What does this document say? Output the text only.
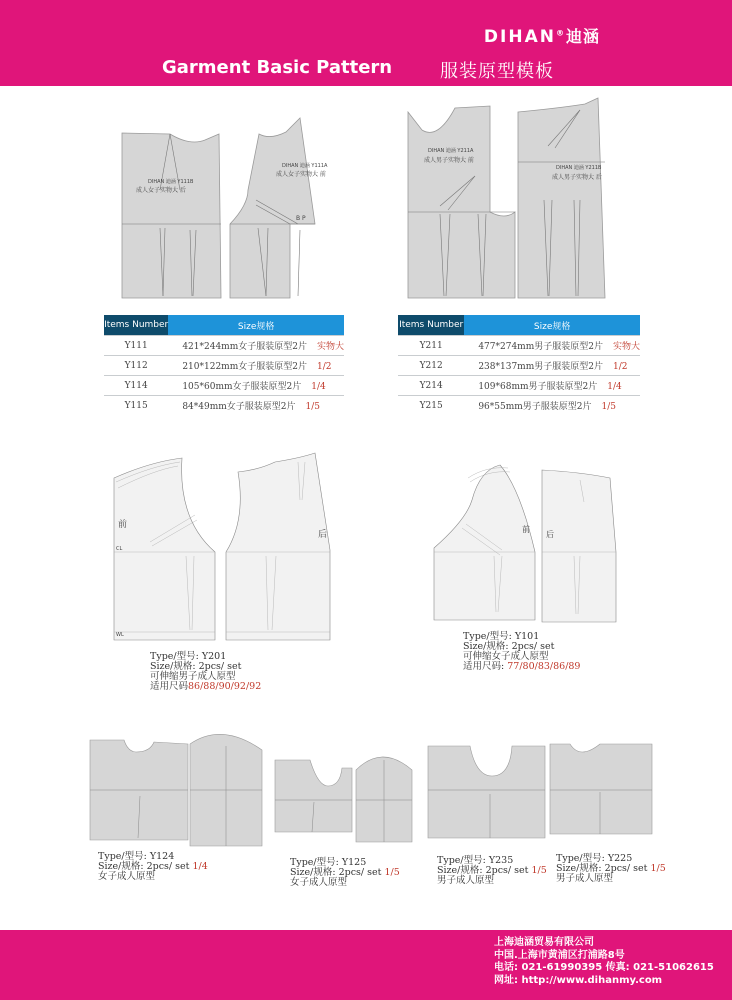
DIHAN® 迪涵
Garment Basic Pattern	服装原型模板
DIHAN 迪涵 Y111B
成人女子实物大 后
DIHAN 迪涵 Y111A
成人女子实物大 前
B P
DIHAN 迪涵 Y211A
成人男子实物大 前
DIHAN 迪涵 Y211B
成人男子实物大 后
前
后
CL
WL
前
后
Items Number	Size规格
Y111	421*244mm女子服装原型2片 实物大
Y112	210*122mm女子服装原型2片 1/2
Y114	105*60mm女子服装原型2片 1/4
Y115	84*49mm女子服装原型2片 1/5
Items Number	Size规格
Y211	477*274mm男子服装原型2片 实物大
Y212	238*137mm男子服装原型2片 1/2
Y214	109*68mm男子服装原型2片 1/4
Y215	96*55mm男子服装原型2片 1/5
Type/型号: Y201
Size/规格: 2pcs/ set
可伸缩男子成人原型
适用尺码86/88/90/92/92
Type/型号: Y101
Size/规格: 2pcs/ set
可伸缩女子成人原型
适用尺码: 77/80/83/86/89
Type/型号: Y124
Size/规格: 2pcs/ set 1/4
女子成人原型
Type/型号: Y125
Size/规格: 2pcs/ set 1/5
女子成人原型
Type/型号: Y235
Size/规格: 2pcs/ set 1/5
男子成人原型
Type/型号: Y225
Size/规格: 2pcs/ set 1/5
男子成人原型
上海迪涵贸易有限公司
中国.上海市黄浦区打浦路8号
电话: 021-61990395 传真: 021-51062615
网址: http://www.dihanmy.com
